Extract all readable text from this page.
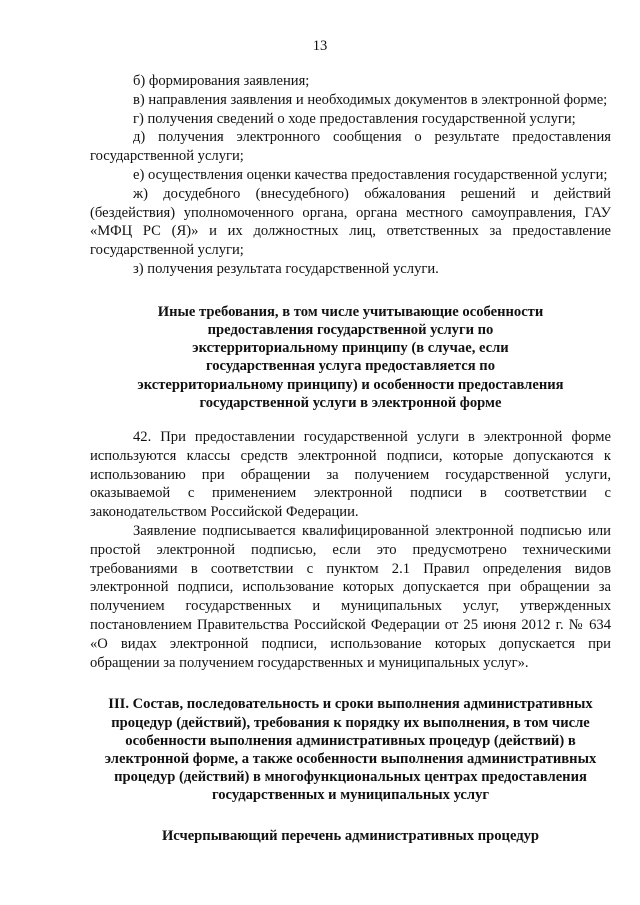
13

б) формирования заявления;

в) направления заявления и необходимых документов в электронной форме;

г) получения сведений о ходе предоставления государственной услуги;

д) получения электронного сообщения о результате предоставления государственной услуги;

е) осуществления оценки качества предоставления государственной услуги;

ж) досудебного (внесудебного) обжалования решений и действий (бездействия) уполномоченного органа, органа местного самоуправления, ГАУ «МФЦ РС (Я)» и их должностных лиц, ответственных за предоставление государственной услуги;

з) получения результата государственной услуги.

Иные требования, в том числе учитывающие особенности предоставления государственной услуги по экстерриториальному принципу (в случае, если государственная услуга предоставляется по экстерриториальному принципу) и особенности предоставления государственной услуги в электронной форме

42. При предоставлении государственной услуги в электронной форме используются классы средств электронной подписи, которые допускаются к использованию при обращении за получением государственной услуги, оказываемой с применением электронной подписи в соответствии с законодательством Российской Федерации.

Заявление подписывается квалифицированной электронной подписью или простой электронной подписью, если это предусмотрено техническими требованиями в соответствии с пунктом 2.1 Правил определения видов электронной подписи, использование которых допускается при обращении за получением государственных и муниципальных услуг, утвержденных постановлением Правительства Российской Федерации от 25 июня 2012 г. № 634 «О видах электронной подписи, использование которых допускается при обращении за получением государственных и муниципальных услуг».

III. Состав, последовательность и сроки выполнения административных процедур (действий), требования к порядку их выполнения, в том числе особенности выполнения административных процедур (действий) в электронной форме, а также особенности выполнения административных процедур (действий) в многофункциональных центрах предоставления государственных и муниципальных услуг

Исчерпывающий перечень административных процедур
